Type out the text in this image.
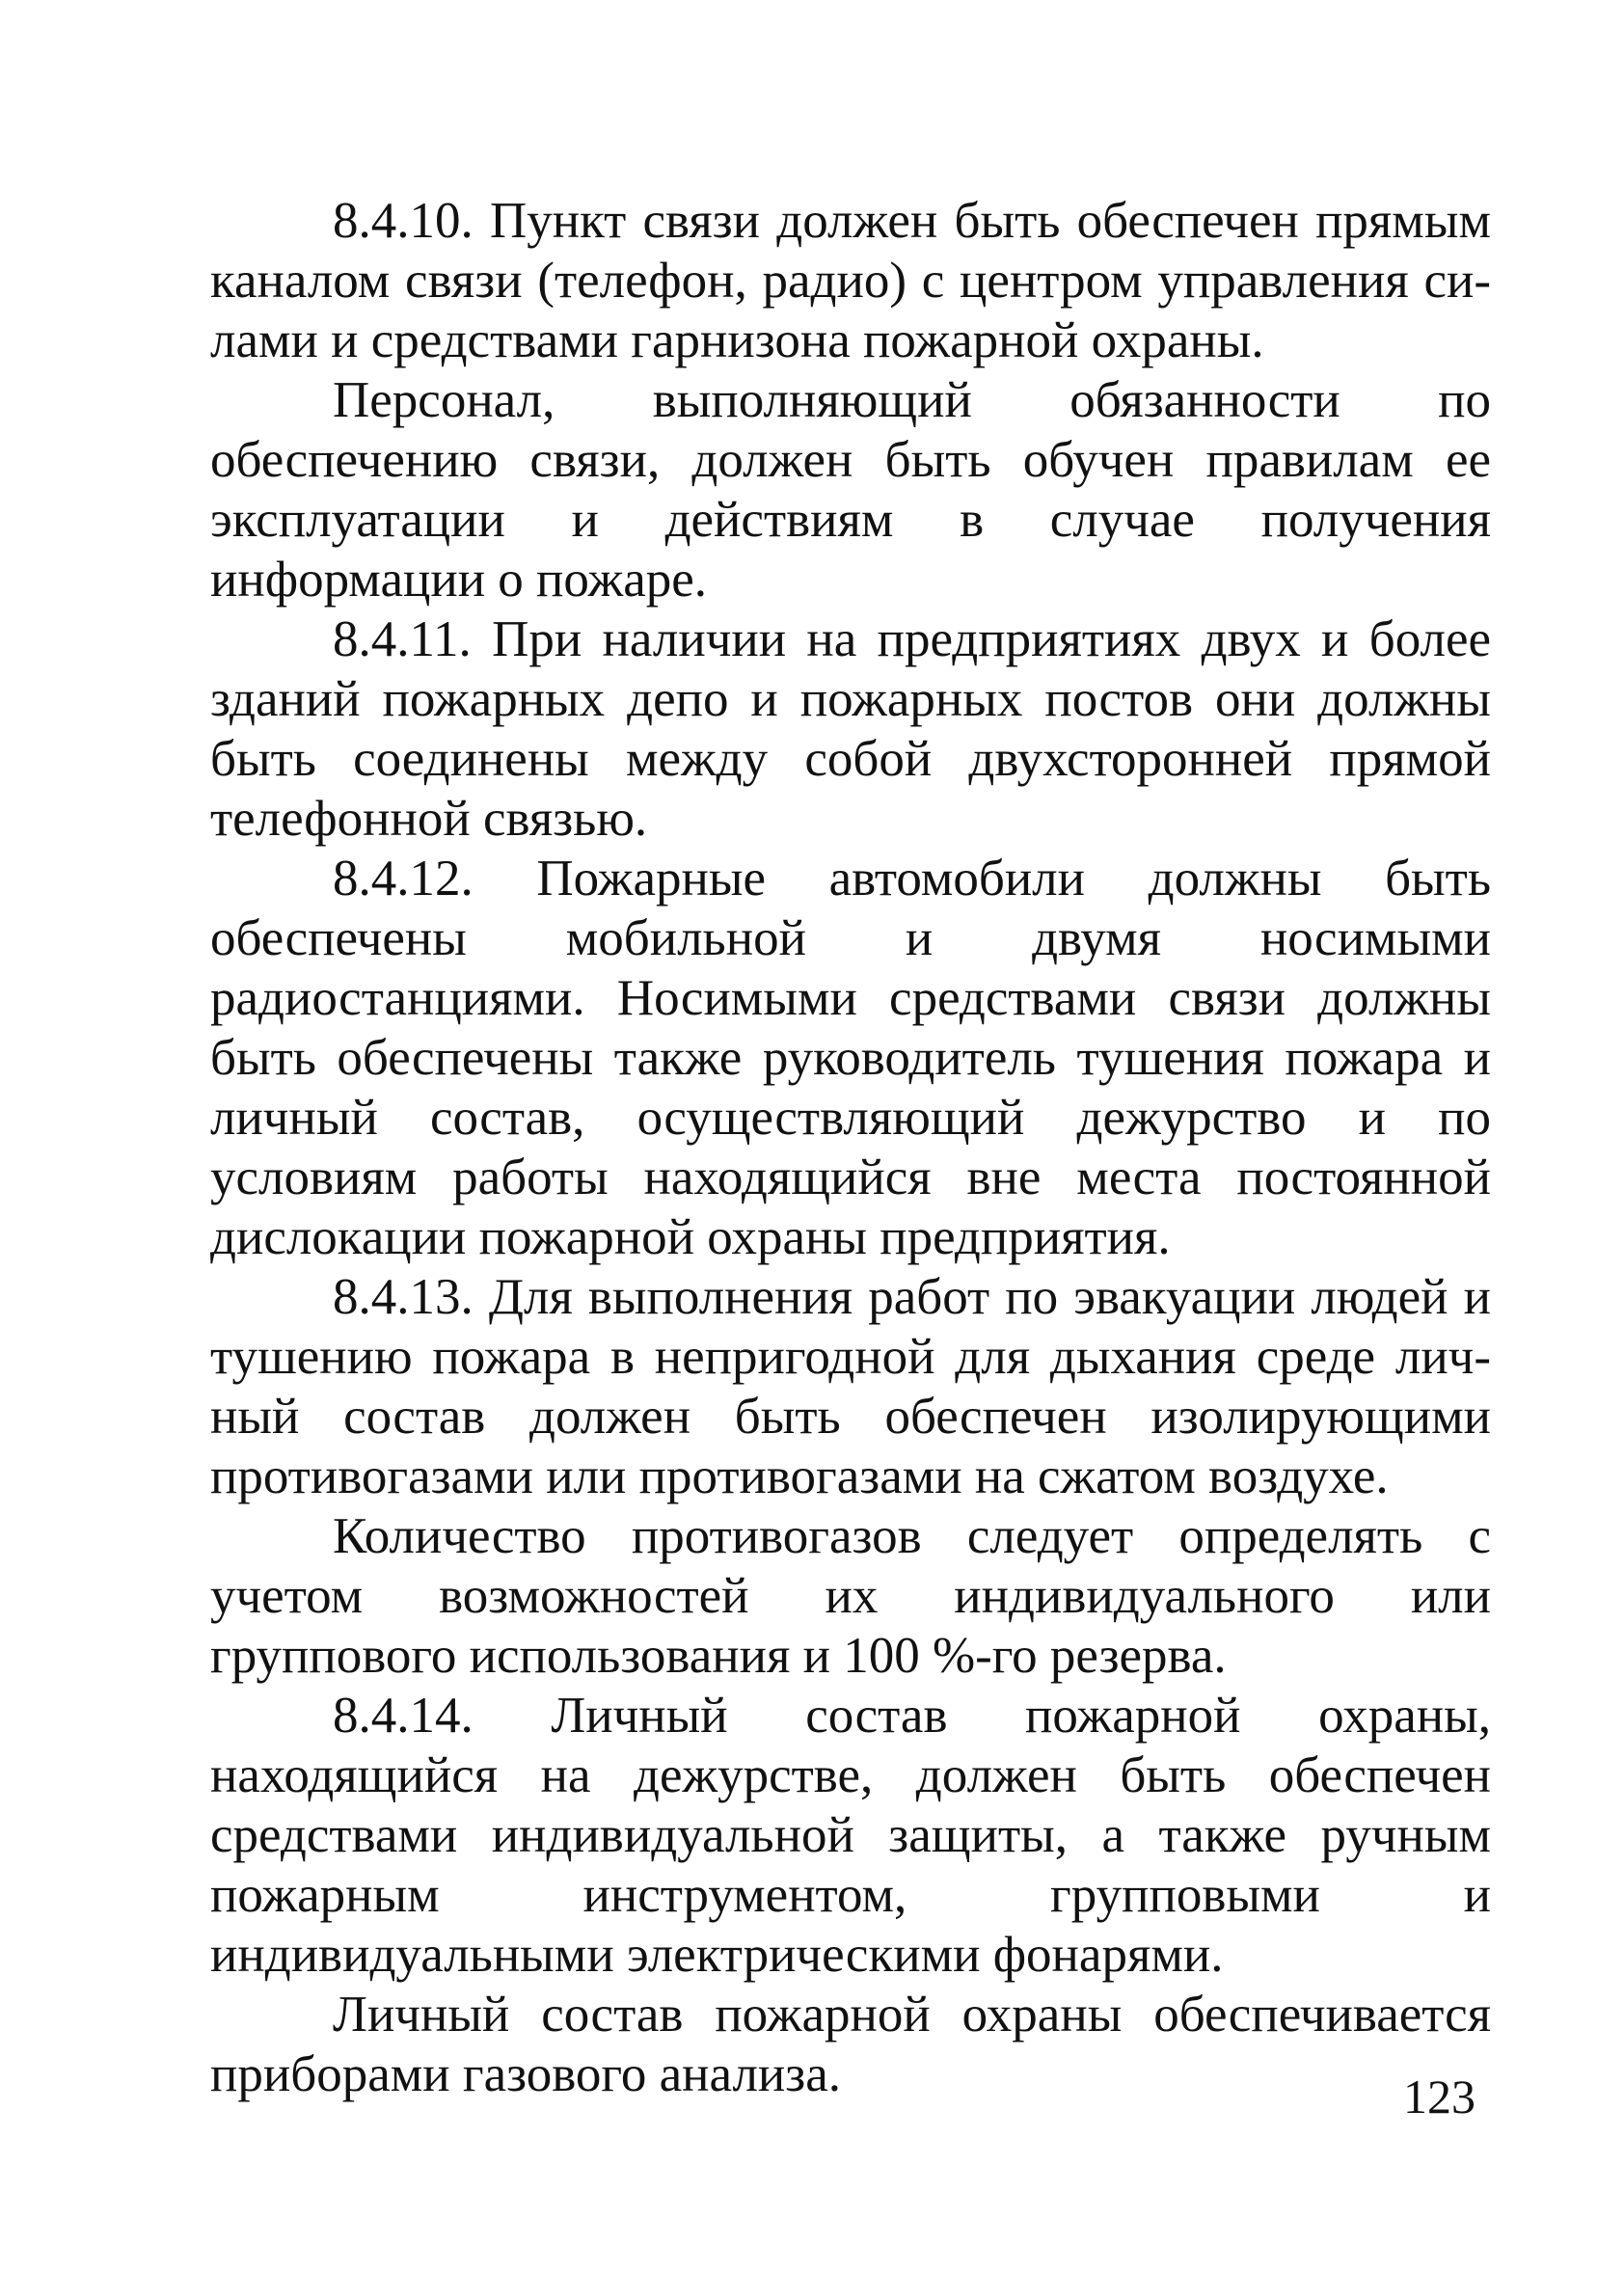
8.4.10. Пункт связи должен быть обеспечен прямым каналом связи (телефон, радио) с центром управления силами и средствами гарнизона пожарной охраны.

Персонал, выполняющий обязанности по обеспечению связи, должен быть обучен правилам ее эксплуатации и действиям в случае получения информации о пожаре.

8.4.11. При наличии на предприятиях двух и более зданий пожарных депо и пожарных постов они должны быть соединены между собой двухсторонней прямой телефонной связью.

8.4.12. Пожарные автомобили должны быть обеспечены мобильной и двумя носимыми радиостанциями. Носимыми средствами связи должны быть обеспечены также руководитель тушения пожара и личный состав, осуществляющий дежурство и по условиям работы находящийся вне места постоянной дислокации пожарной охраны предприятия.

8.4.13. Для выполнения работ по эвакуации людей и тушению пожара в непригодной для дыхания среде личный состав должен быть обеспечен изолирующими противогазами или противогазами на сжатом воздухе.

Количество противогазов следует определять с учетом возможностей их индивидуального или группового использования и 100 %-го резерва.

8.4.14. Личный состав пожарной охраны, находящийся на дежурстве, должен быть обеспечен средствами индивидуальной защиты, а также ручным пожарным инструментом, групповыми и индивидуальными электрическими фонарями.

Личный состав пожарной охраны обеспечивается приборами газового анализа.	123
